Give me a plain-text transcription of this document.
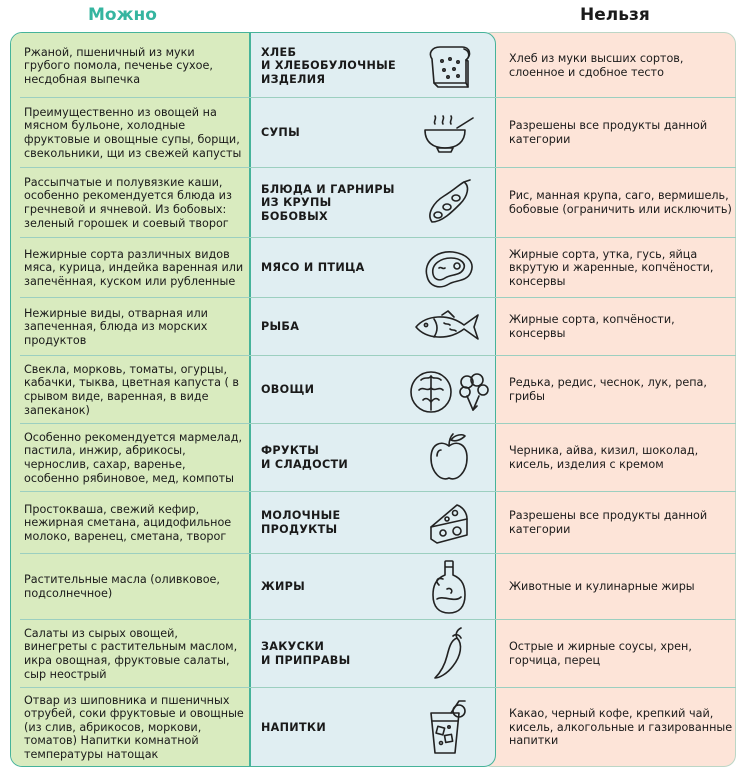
Можно	Нельзя
Ржаной, пшеничный из муки грубого помола, печенье сухое, несдобная выпечка
ХЛЕБ
И ХЛЕБОБУЛОЧНЫЕ
ИЗДЕЛИЯ
Хлеб из муки высших сортов, слоенное и сдобное тесто
Преимущественно из овощей на мясном бульоне, холодные фруктовые и овощные супы, борщи, свекольники, щи из свежей капусты
СУПЫ
Разрешены все продукты данной категории
Рассыпчатые и полувязкие каши, особенно рекомендуется блюда из гречневой и ячневой. Из бобовых: зеленый горошек и соевый творог
БЛЮДА И ГАРНИРЫ
ИЗ КРУПЫ БОБОВЫХ
Рис, манная крупа, саго, вермишель, бобовые (ограничить или исключить)
Нежирные сорта различных видов мяса, курица, индейка варенная или запечённая, куском или рубленные
МЯСО И ПТИЦА
Жирные сорта, утка, гусь, яйца вкрутую и жаренные, копчёности, консервы
Нежирные виды, отварная или запеченная, блюда из морских продуктов
РЫБА
Жирные сорта, копчёности, консервы
Свекла, морковь, томаты, огурцы, кабачки, тыква, цветная капуста ( в срывом виде, варенная, в виде запеканок)
ОВОЩИ
Редька, редис, чеснок, лук, репа, грибы
Особенно рекомендуется мармелад, пастила, инжир, абрикосы, чернослив, сахар, варенье, особенно рябиновое, мед, компоты
ФРУКТЫ
И СЛАДОСТИ
Черника, айва, кизил, шоколад, кисель, изделия с кремом
Простокваша, свежий кефир, нежирная сметана, ацидофильное молоко, варенец, сметана, творог
МОЛОЧНЫЕ
ПРОДУКТЫ
Разрешены все продукты данной категории
Растительные масла (оливковое, подсолнечное)
ЖИРЫ	Животные и кулинарные жиры
Салаты из сырых овощей, винегреты с растительным маслом, икра овощная, фруктовые салаты, сыр неострый
ЗАКУСКИ
И ПРИПРАВЫ
Острые и жирные соусы, хрен, горчица, перец
Отвар из шиповника и пшеничных отрубей, соки фруктовые и овощные (из слив, абрикосов, моркови, томатов) Напитки комнатной температуры натощак
НАПИТКИ
Какао, черный кофе, крепкий чай, кисель, алкогольные и газированные напитки
